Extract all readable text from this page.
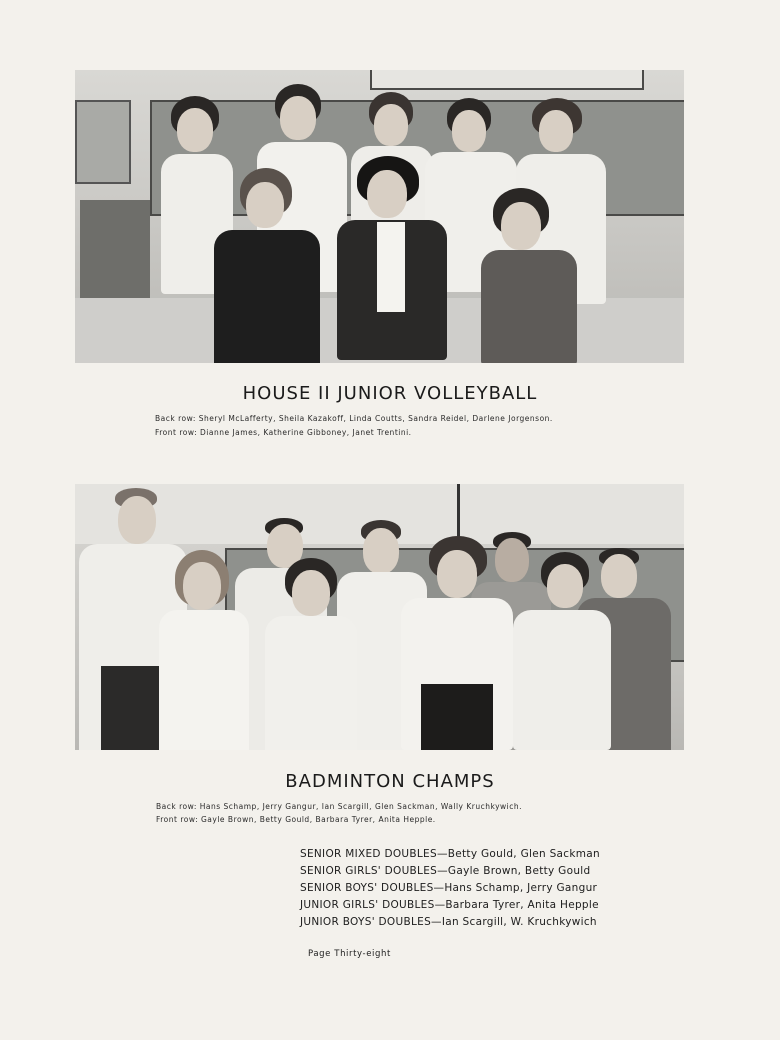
HOUSE II JUNIOR VOLLEYBALL
Back row: Sheryl McLafferty, Sheila Kazakoff, Linda Coutts, Sandra Reidel, Darlene Jorgenson.
Front row: Dianne James, Katherine Gibboney, Janet Trentini.
BADMINTON CHAMPS
Back row: Hans Schamp, Jerry Gangur, Ian Scargill, Glen Sackman, Wally Kruchkywich.
Front row: Gayle Brown, Betty Gould, Barbara Tyrer, Anita Hepple.
SENIOR MIXED DOUBLES—Betty Gould, Glen Sackman
SENIOR GIRLS' DOUBLES—Gayle Brown, Betty Gould
SENIOR BOYS' DOUBLES—Hans Schamp, Jerry Gangur
JUNIOR GIRLS' DOUBLES—Barbara Tyrer, Anita Hepple
JUNIOR BOYS' DOUBLES—Ian Scargill, W. Kruchkywich
Page Thirty-eight
